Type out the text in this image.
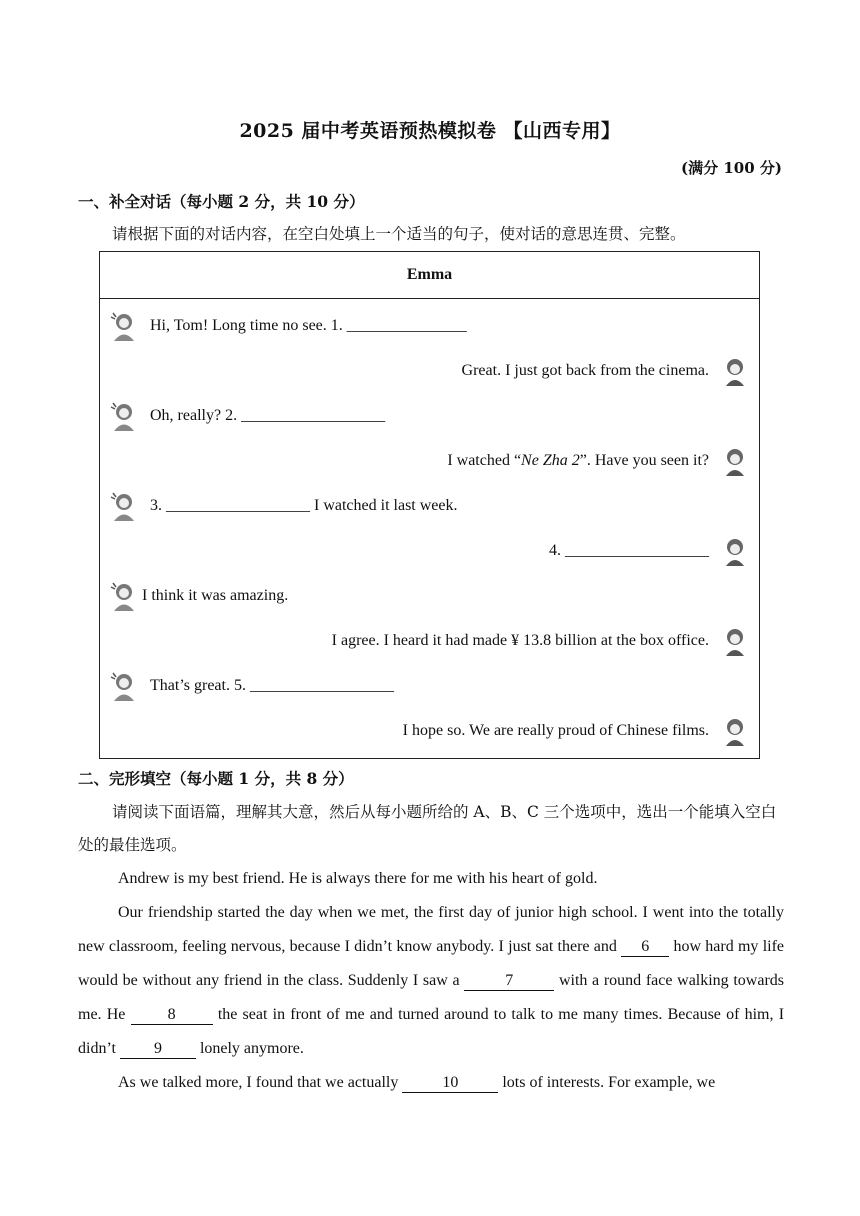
2025 届中考英语预热模拟卷 【山西专用】
(满分 100 分)
一、补全对话（每小题 2 分，共 10 分）
请根据下面的对话内容，在空白处填上一个适当的句子，使对话的意思连贯、完整。
Emma
Hi, Tom! Long time no see. 1. _______________
Great. I just got back from the cinema.
Oh, really? 2. __________________
I watched “Ne Zha 2”. Have you seen it?
3. __________________ I watched it last week.
4. __________________
I think it was amazing.
I agree. I heard it had made ¥ 13.8 billion at the box office.
That’s great. 5. __________________
I hope so. We are really proud of Chinese films.
二、完形填空（每小题 1 分，共 8 分）
请阅读下面语篇，理解其大意，然后从每小题所给的 A、B、C 三个选项中，选出一个能填入空白处的最佳选项。
Andrew is my best friend. He is always there for me with his heart of gold.
Our friendship started the day when we met, the first day of junior high school. I went into the totally new classroom, feeling nervous, because I didn’t know anybody. I just sat there and 6 how hard my life would be without any friend in the class. Suddenly I saw a	7	with a round face walking towards me. He	8	the seat in front of me and turned around to talk to me many times. Because of him, I didn’t 9 lonely anymore.
As we talked more, I found that we actually	10	lots of interests. For example, we
